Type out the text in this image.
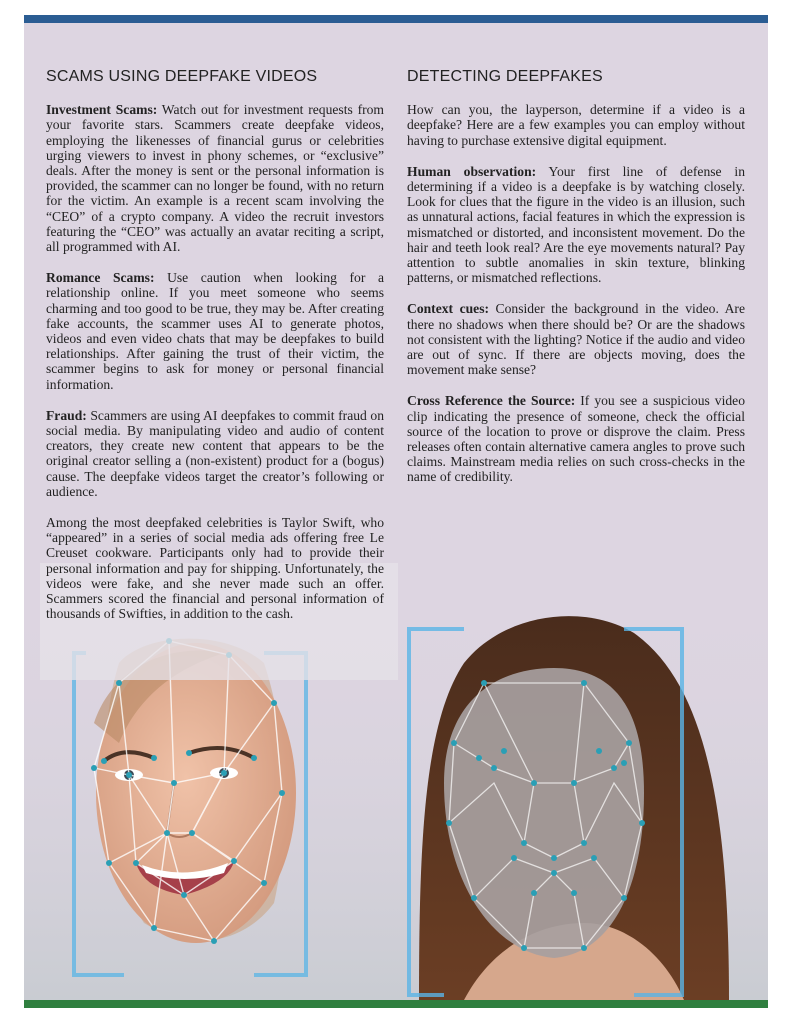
SCAMS USING DEEPFAKE VIDEOS

Investment Scams: Watch out for investment requests from your favorite stars. Scammers create deepfake videos, employing the likenesses of financial gurus or celebrities urging viewers to invest in phony schemes, or “exclusive” deals. After the money is sent or the personal information is provided, the scammer can no longer be found, with no return for the victim. An example is a recent scam involving the “CEO” of a crypto company. A video the recruit investors featuring the “CEO” was actually an avatar reciting a script, all programmed with AI.

Romance Scams: Use caution when looking for a relationship online. If you meet someone who seems charming and too good to be true, they may be. After creating fake accounts, the scammer uses AI to generate photos, videos and even video chats that may be deepfakes to build relationships. After gaining the trust of their victim, the scammer begins to ask for money or personal financial information.

Fraud: Scammers are using AI deepfakes to commit fraud on social media. By manipulating video and audio of content creators, they create new content that appears to be the original creator selling a (non-existent) product for a (bogus) cause. The deepfake videos target the creator’s following or audience.

Among the most deepfaked celebrities is Taylor Swift, who “appeared” in a series of social media ads offering free Le Creuset cookware. Participants only had to provide their personal information and pay for shipping. Unfortunately, the videos were fake, and she never made such an offer. Scammers scored the financial and personal information of thousands of Swifties, in addition to the cash.

DETECTING DEEPFAKES

How can you, the layperson, determine if a video is a deepfake? Here are a few examples you can employ without having to purchase extensive digital equipment.

Human observation: Your first line of defense in determining if a video is a deepfake is by watching closely. Look for clues that the figure in the video is an illusion, such as unnatural actions, facial features in which the expression is mismatched or distorted, and inconsistent movement. Do the hair and teeth look real? Are the eye movements natural? Pay attention to subtle anomalies in skin texture, blinking patterns, or mismatched reflections.

Context cues: Consider the background in the video. Are there no shadows when there should be? Or are the shadows not consistent with the lighting? Notice if the audio and video are out of sync. If there are objects moving, does the movement make sense?

Cross Reference the Source: If you see a suspicious video clip indicating the presence of someone, check the official source of the location to prove or disprove the claim. Press releases often contain alternative camera angles to prove such claims. Mainstream media relies on such cross-checks in the name of credibility.
